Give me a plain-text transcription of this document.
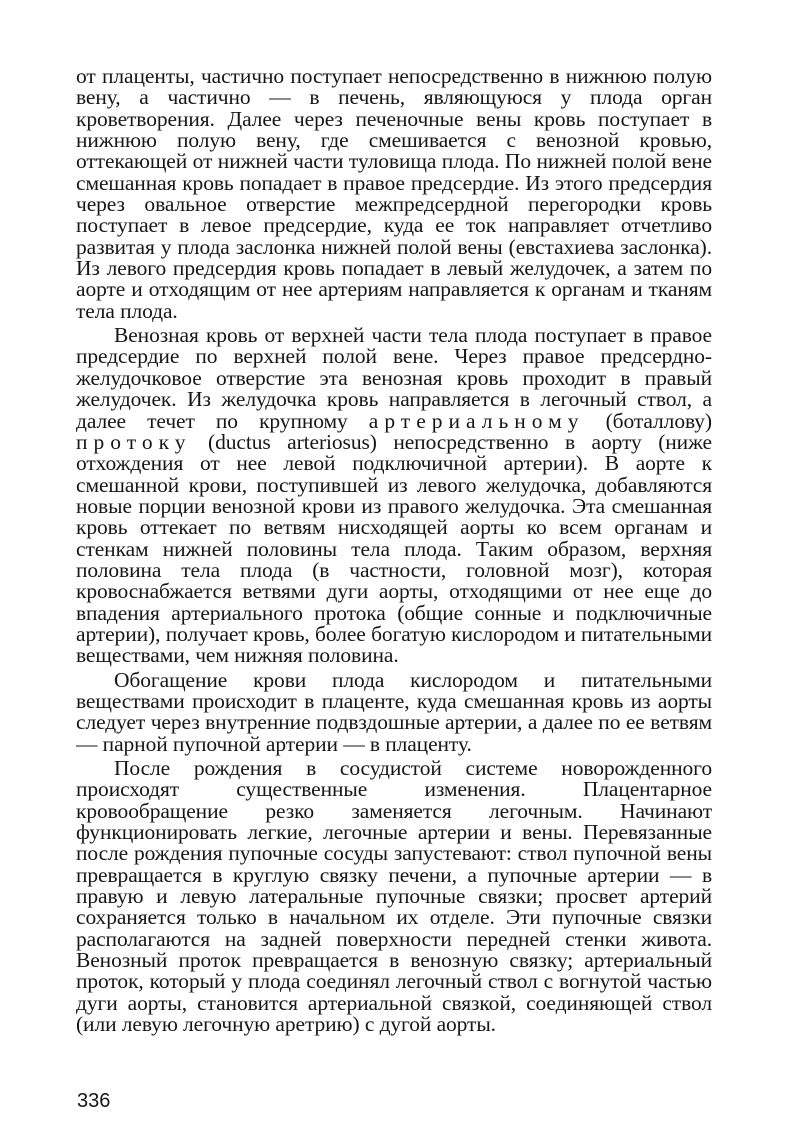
от плаценты, частично поступает непосредственно в нижнюю полую вену, а частично — в печень, являющуюся у плода орган кроветворения. Далее через печеночные вены кровь поступает в нижнюю полую вену, где смешивается с венозной кровью, оттекающей от нижней части туловища плода. По нижней полой вене смешанная кровь попадает в правое предсердие. Из этого предсердия через овальное отверстие межпредсердной перегородки кровь поступает в левое предсердие, куда ее ток направляет отчетливо развитая у плода заслонка нижней полой вены (евстахиева заслонка). Из левого предсердия кровь попадает в левый желудочек, а затем по аорте и отходящим от нее артериям направляется к органам и тканям тела плода.

Венозная кровь от верхней части тела плода поступает в правое предсердие по верхней полой вене. Через правое предсердно-желудочковое отверстие эта венозная кровь проходит в правый желудочек. Из желудочка кровь направляется в легочный ствол, а далее течет по крупному артериальному (боталлову) протоку (ductus arteriosus) непосредственно в аорту (ниже отхождения от нее левой подключичной артерии). В аорте к смешанной крови, поступившей из левого желудочка, добавляются новые порции венозной крови из правого желудочка. Эта смешанная кровь оттекает по ветвям нисходящей аорты ко всем органам и стенкам нижней половины тела плода. Таким образом, верхняя половина тела плода (в частности, головной мозг), которая кровоснабжается ветвями дуги аорты, отходящими от нее еще до впадения артериального протока (общие сонные и подключичные артерии), получает кровь, более богатую кислородом и питательными веществами, чем нижняя половина.

Обогащение крови плода кислородом и питательными веществами происходит в плаценте, куда смешанная кровь из аорты следует через внутренние подвздошные артерии, а далее по ее ветвям — парной пупочной артерии — в плаценту.

После рождения в сосудистой системе новорожденного происходят существенные изменения. Плацентарное кровообращение резко заменяется легочным. Начинают функционировать легкие, легочные артерии и вены. Перевязанные после рождения пупочные сосуды запустевают: ствол пупочной вены превращается в круглую связку печени, а пупочные артерии — в правую и левую латеральные пупочные связки; просвет артерий сохраняется только в начальном их отделе. Эти пупочные связки располагаются на задней поверхности передней стенки живота. Венозный проток превращается в венозную связку; артериальный проток, который у плода соединял легочный ствол с вогнутой частью дуги аорты, становится артериальной связкой, соединяющей ствол (или левую легочную аретрию) с дугой аорты.

336
